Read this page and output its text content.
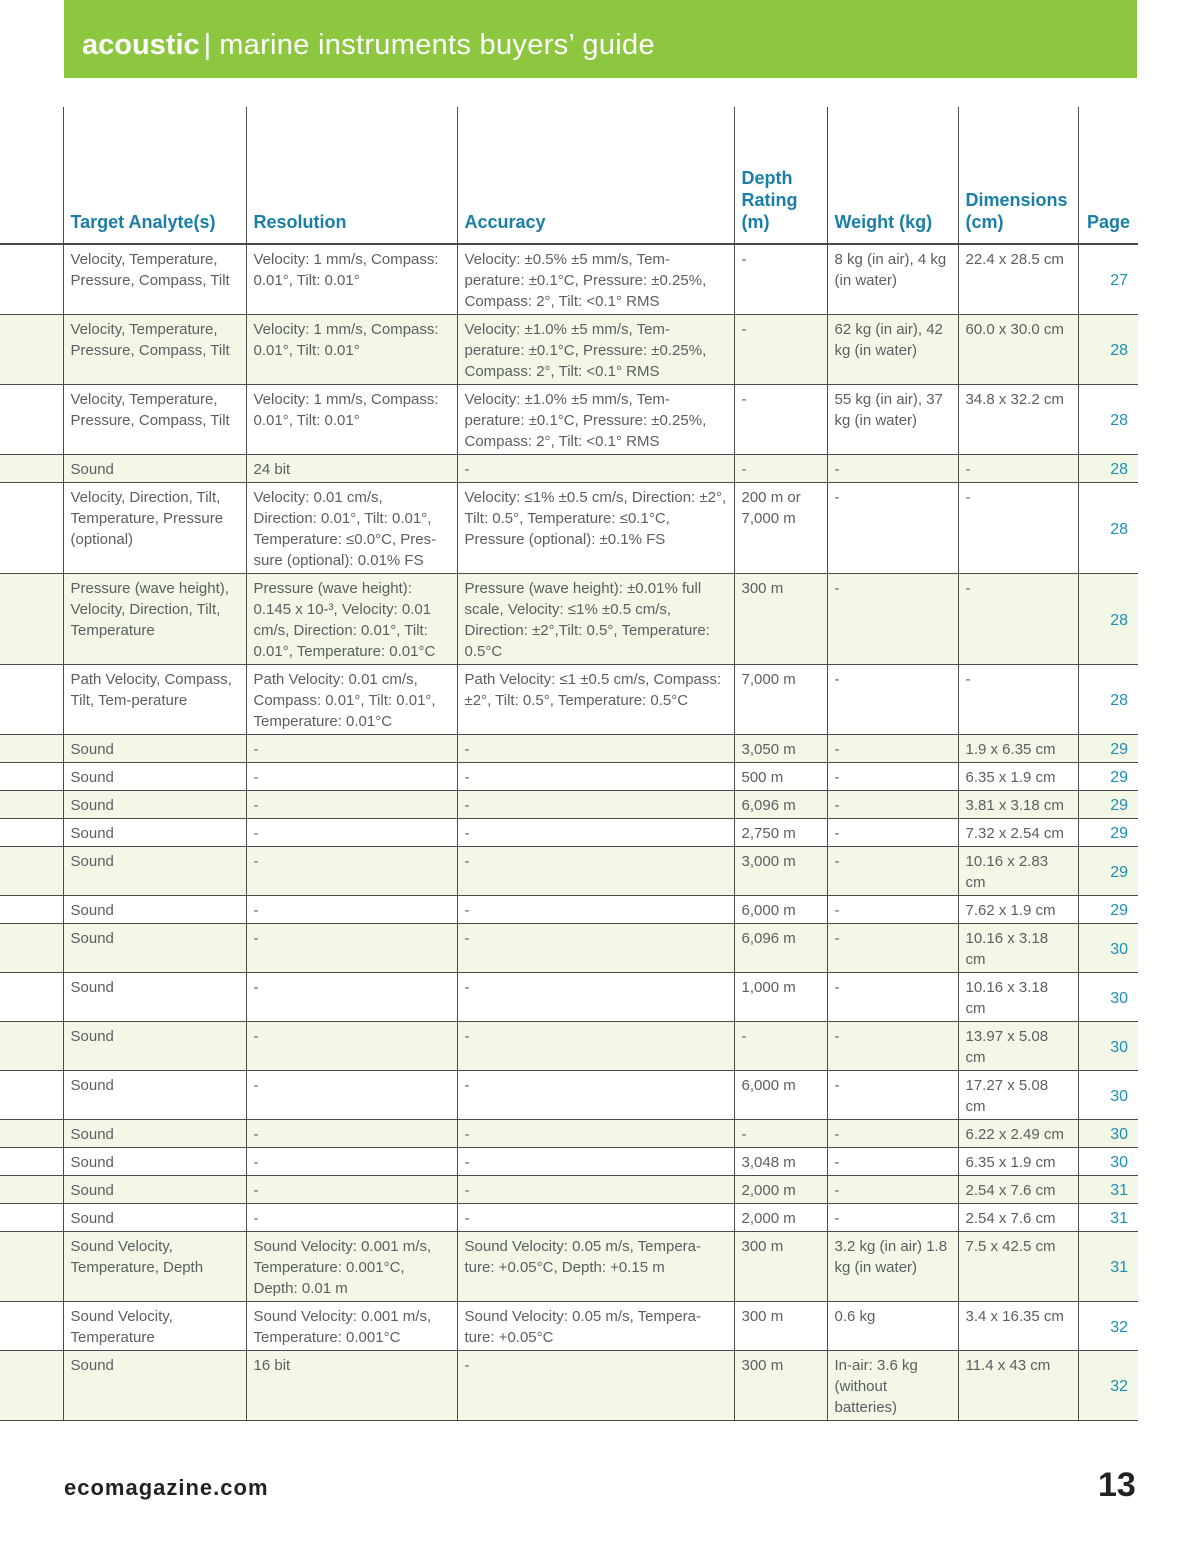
acoustic | marine instruments buyers’ guide
	Target Analyte(s)	Resolution	Accuracy	Depth Rating (m)	Weight (kg)	Dimensions (cm)	Page
	Velocity, Temperature, Pressure, Compass, Tilt	Velocity: 1 mm/s, Compass: 0.01°, Tilt: 0.01°	Velocity: ±0.5% ±5 mm/s, Tem-perature: ±0.1°C, Pressure: ±0.25%, Compass: 2°, Tilt: <0.1° RMS	-	8 kg (in air), 4 kg (in water)	22.4 x 28.5 cm	27
	Velocity, Temperature, Pressure, Compass, Tilt	Velocity: 1 mm/s, Compass: 0.01°, Tilt: 0.01°	Velocity: ±1.0% ±5 mm/s, Tem-perature: ±0.1°C, Pressure: ±0.25%, Compass: 2°, Tilt: <0.1° RMS	-	62 kg (in air), 42 kg (in water)	60.0 x 30.0 cm	28
	Velocity, Temperature, Pressure, Compass, Tilt	Velocity: 1 mm/s, Compass: 0.01°, Tilt: 0.01°	Velocity: ±1.0% ±5 mm/s, Tem-perature: ±0.1°C, Pressure: ±0.25%, Compass: 2°, Tilt: <0.1° RMS	-	55 kg (in air), 37 kg (in water)	34.8 x 32.2 cm	28
	Sound	24 bit	-	-	-	-	28
	Velocity, Direction, Tilt, Temperature, Pressure (optional)	Velocity: 0.01 cm/s, Direction: 0.01°, Tilt: 0.01°, Temperature: ≤0.0°C, Pres-sure (optional): 0.01% FS	Velocity: ≤1% ±0.5 cm/s, Direction: ±2°, Tilt: 0.5°, Temperature: ≤0.1°C, Pressure (optional): ±0.1% FS	200 m or 7,000 m	-	-	28
	Pressure (wave height), Velocity, Direction, Tilt, Temperature	Pressure (wave height): 0.145 x 10-³, Velocity: 0.01 cm/s, Direction: 0.01°, Tilt: 0.01°, Temperature: 0.01°C	Pressure (wave height): ±0.01% full scale, Velocity: ≤1% ±0.5 cm/s, Direction: ±2°,Tilt: 0.5°, Temperature: 0.5°C	300 m	-	-	28
	Path Velocity, Compass, Tilt, Tem-perature	Path Velocity: 0.01 cm/s, Compass: 0.01°, Tilt: 0.01°, Temperature: 0.01°C	Path Velocity: ≤1 ±0.5 cm/s, Compass: ±2°, Tilt: 0.5°, Temperature: 0.5°C	7,000 m	-	-	28
	Sound	-	-	3,050 m	-	1.9 x 6.35 cm	29
	Sound	-	-	500 m	-	6.35 x 1.9 cm	29
	Sound	-	-	6,096 m	-	3.81 x 3.18 cm	29
	Sound	-	-	2,750 m	-	7.32 x 2.54 cm	29
	Sound	-	-	3,000 m	-	10.16 x 2.83 cm	29
	Sound	-	-	6,000 m	-	7.62 x 1.9 cm	29
	Sound	-	-	6,096 m	-	10.16 x 3.18 cm	30
	Sound	-	-	1,000 m	-	10.16 x 3.18 cm	30
	Sound	-	-	-	-	13.97 x 5.08 cm	30
	Sound	-	-	6,000 m	-	17.27 x 5.08 cm	30
	Sound	-	-	-	-	6.22 x 2.49 cm	30
	Sound	-	-	3,048 m	-	6.35 x 1.9 cm	30
	Sound	-	-	2,000 m	-	2.54 x 7.6 cm	31
	Sound	-	-	2,000 m	-	2.54 x 7.6 cm	31
	Sound Velocity, Temperature, Depth	Sound Velocity: 0.001 m/s, Temperature: 0.001°C, Depth: 0.01 m	Sound Velocity: 0.05 m/s, Tempera-ture: +0.05°C, Depth: +0.15 m	300 m	3.2 kg (in air) 1.8 kg (in water)	7.5 x 42.5 cm	31
	Sound Velocity, Temperature	Sound Velocity: 0.001 m/s, Temperature: 0.001°C	Sound Velocity: 0.05 m/s, Tempera-ture: +0.05°C	300 m	0.6 kg	3.4 x 16.35 cm	32
	Sound	16 bit	-	300 m	In-air: 3.6 kg (without batteries)	11.4 x 43 cm	32
ecomagazine.com	13
